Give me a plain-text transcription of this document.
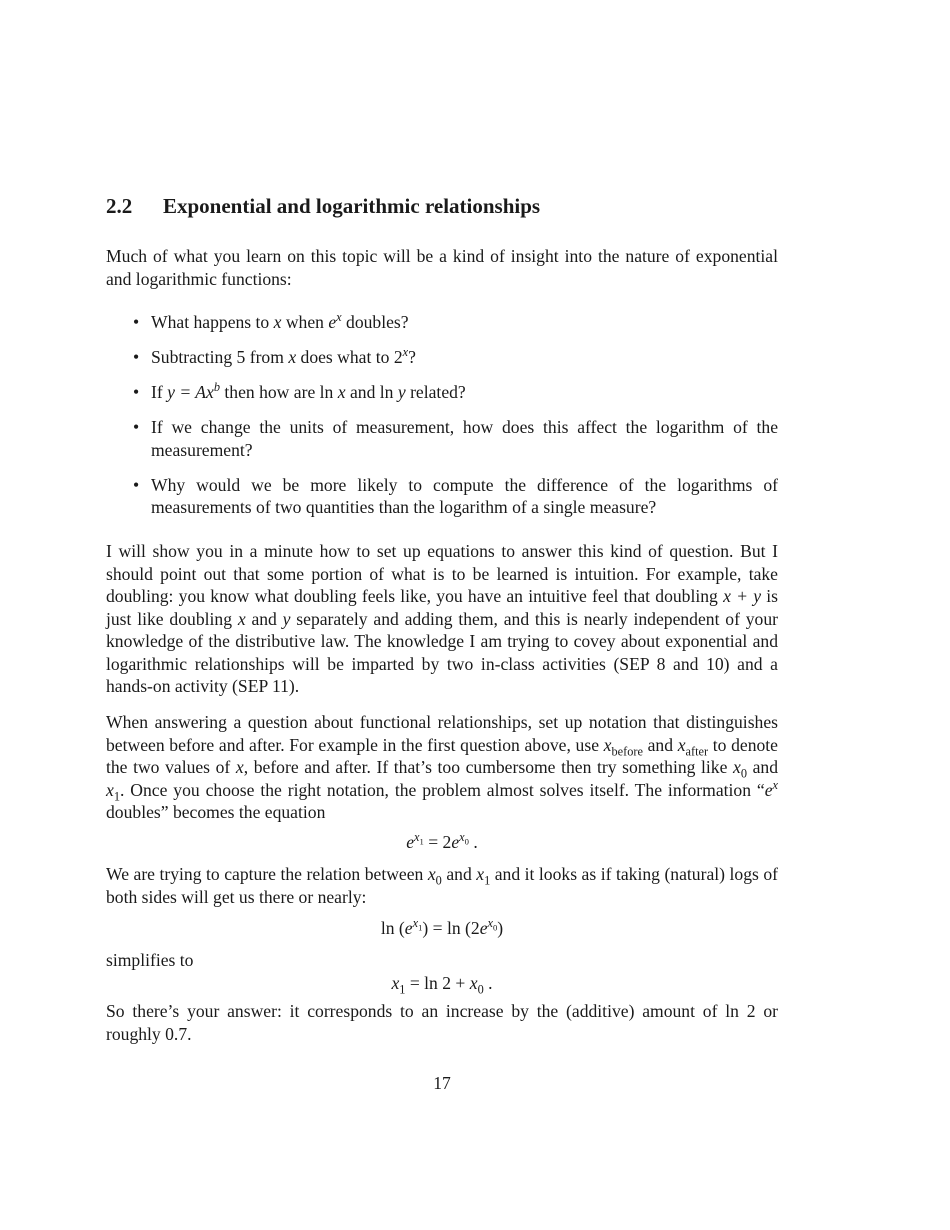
2.2 Exponential and logarithmic relationships

Much of what you learn on this topic will be a kind of insight into the nature of exponential and logarithmic functions:

• What happens to x when $e^x$ doubles?
• Subtracting 5 from x does what to 2$^x$?
• If $y = Ax^b$ then how are ln x and ln y related?
• If we change the units of measurement, how does this affect the logarithm of the measurement?
• Why would we be more likely to compute the difference of the logarithms of measurements of two quantities than the logarithm of a single measure?

I will show you in a minute how to set up equations to answer this kind of question. But I should point out that some portion of what is to be learned is intuition. For example, take doubling: you know what doubling feels like, you have an intuitive feel that doubling x + y is just like doubling x and y separately and adding them, and this is nearly independent of your knowledge of the distributive law. The knowledge I am trying to covey about exponential and logarithmic relationships will be imparted by two in-class activities (SEP 8 and 10) and a hands-on activity (SEP 11).

When answering a question about functional relationships, set up notation that distinguishes between before and after. For example in the first question above, use $x_{before}$ and $x_{after}$ to denote the two values of x, before and after. If that’s too cumbersome then try something like $x_0$ and $x_1$. Once you choose the right notation, the problem almost solves itself. The information “$e^x$ doubles” becomes the equation

$e^{x_1} = 2e^{x_0}$ .

We are trying to capture the relation between $x_0$ and $x_1$ and it looks as if taking (natural) logs of both sides will get us there or nearly:

$\ln (e^{x_1}) = \ln (2e^{x_0})$

simplifies to

$x_1 = \ln 2 + x_0$ .

So there’s your answer: it corresponds to an increase by the (additive) amount of ln 2 or roughly 0.7.

17
